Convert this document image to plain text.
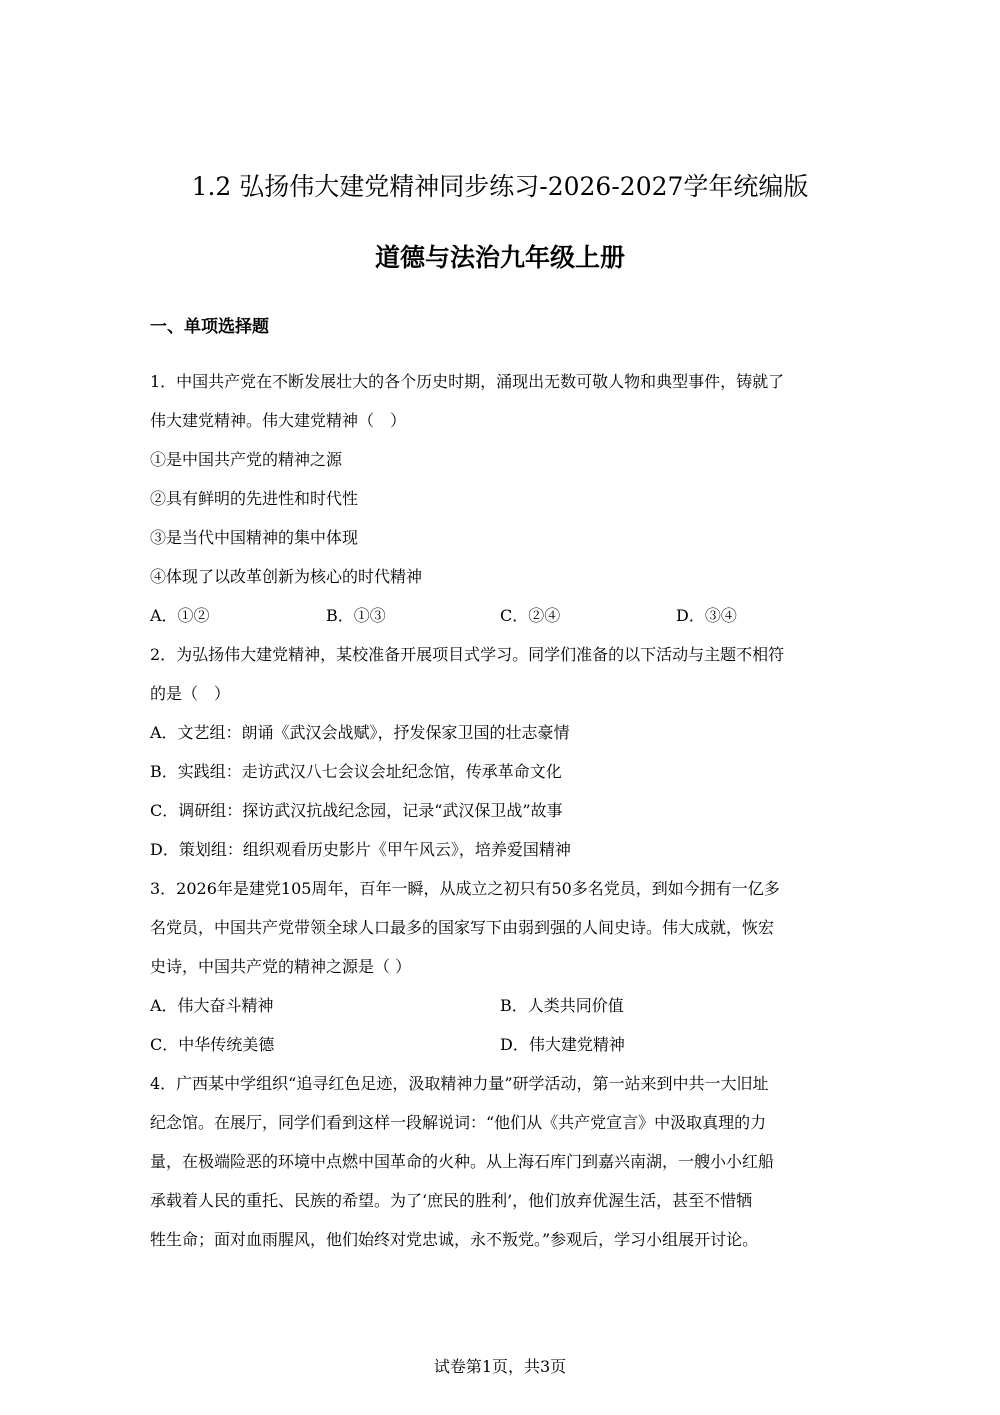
1.2 弘扬伟大建党精神同步练习-2026-2027学年统编版
道德与法治九年级上册
一、单项选择题
1．中国共产党在不断发展壮大的各个历史时期，涌现出无数可敬人物和典型事件，铸就了
伟大建党精神。伟大建党精神（　）
①是中国共产党的精神之源
②具有鲜明的先进性和时代性
③是当代中国精神的集中体现
④体现了以改革创新为核心的时代精神
A．①②	B．①③	C．②④	D．③④
2．为弘扬伟大建党精神，某校准备开展项目式学习。同学们准备的以下活动与主题不相符
的是（　）
A．文艺组：朗诵《武汉会战赋》，抒发保家卫国的壮志豪情
B．实践组：走访武汉八七会议会址纪念馆，传承革命文化
C．调研组：探访武汉抗战纪念园，记录“武汉保卫战”故事
D．策划组：组织观看历史影片《甲午风云》，培养爱国精神
3．2026年是建党105周年，百年一瞬，从成立之初只有50多名党员，到如今拥有一亿多
名党员，中国共产党带领全球人口最多的国家写下由弱到强的人间史诗。伟大成就，恢宏
史诗，中国共产党的精神之源是（ ）
A．伟大奋斗精神	B．人类共同价值
C．中华传统美德	D．伟大建党精神
4．广西某中学组织“追寻红色足迹，汲取精神力量”研学活动，第一站来到中共一大旧址
纪念馆。在展厅，同学们看到这样一段解说词：“他们从《共产党宣言》中汲取真理的力
量，在极端险恶的环境中点燃中国革命的火种。从上海石库门到嘉兴南湖，一艘小小红船
承载着人民的重托、民族的希望。为了‘庶民的胜利’，他们放弃优渥生活，甚至不惜牺
牲生命；面对血雨腥风，他们始终对党忠诚，永不叛党。”参观后，学习小组展开讨论。
试卷第1页，共3页
